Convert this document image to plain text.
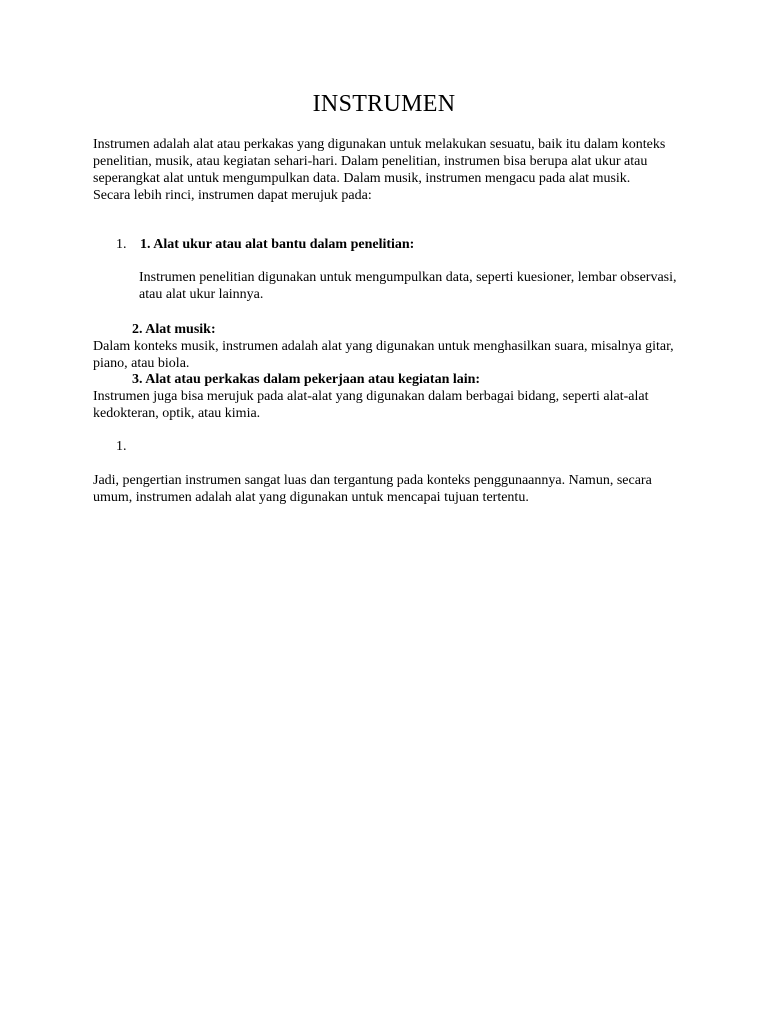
INSTRUMEN
Instrumen adalah alat atau perkakas yang digunakan untuk melakukan sesuatu, baik itu dalam konteks penelitian, musik, atau kegiatan sehari-hari. Dalam penelitian, instrumen bisa berupa alat ukur atau seperangkat alat untuk mengumpulkan data. Dalam musik, instrumen mengacu pada alat musik.
Secara lebih rinci, instrumen dapat merujuk pada:
1. 1. Alat ukur atau alat bantu dalam penelitian:
Instrumen penelitian digunakan untuk mengumpulkan data, seperti kuesioner, lembar observasi, atau alat ukur lainnya.
2. Alat musik:
Dalam konteks musik, instrumen adalah alat yang digunakan untuk menghasilkan suara, misalnya gitar, piano, atau biola.
3. Alat atau perkakas dalam pekerjaan atau kegiatan lain:
Instrumen juga bisa merujuk pada alat-alat yang digunakan dalam berbagai bidang, seperti alat-alat kedokteran, optik, atau kimia.
1.
Jadi, pengertian instrumen sangat luas dan tergantung pada konteks penggunaannya. Namun, secara umum, instrumen adalah alat yang digunakan untuk mencapai tujuan tertentu.
